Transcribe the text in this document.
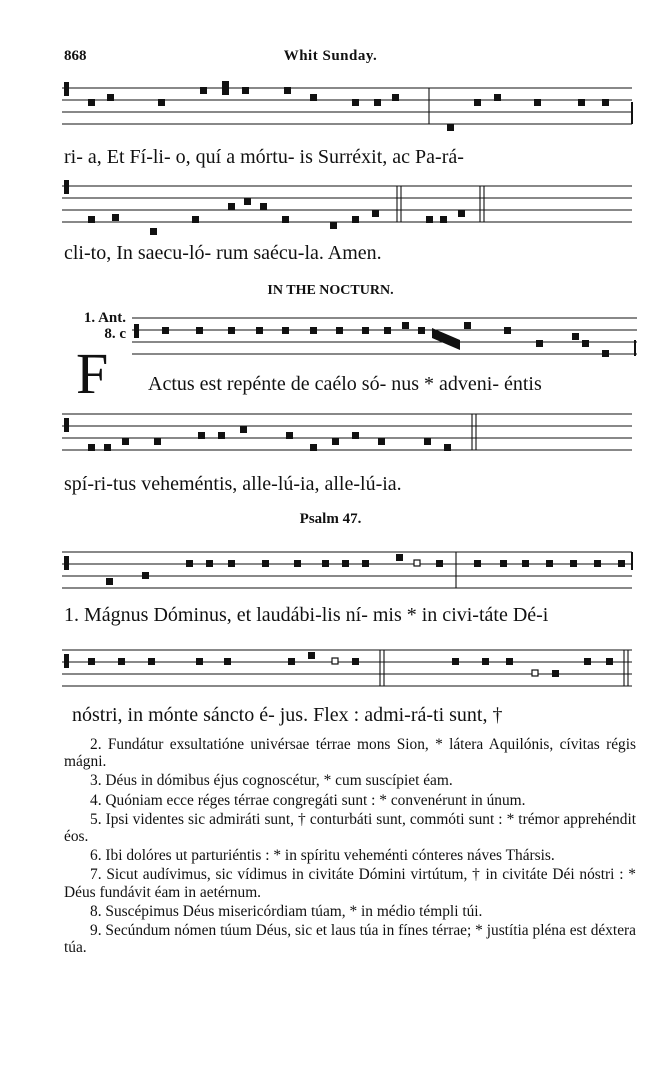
868	Whit Sunday.
ri- a, Et Fí-li- o, quí a mórtu- is Surréxit, ac Pa-rá-
cli-to, In saecu-ló- rum saécu-la. Amen.
IN THE NOCTURN.
1. Ant.
8. c
F Actus est repénte de caélo só- nus * adveni- éntis
spí-ri-tus veheméntis, alle-lú-ia, alle-lú-ia.
Psalm 47.
1. Mágnus Dóminus, et laudábi-lis ní- mis * in civi-táte Dé-i
nóstri, in mónte sáncto é- jus. Flex : admi-rá-ti sunt, †

2. Fundátur exsultatióne univérsae térrae mons Sion, * látera Aquilónis, cívitas régis mágni.

3. Déus in dómibus éjus cognoscétur, * cum suscípiet éam.

4. Quóniam ecce réges térrae congregáti sunt : * convenérunt in únum.

5. Ipsi videntes sic admiráti sunt, † conturbáti sunt, commóti sunt : * trémor apprehéndit éos.

6. Ibi dolóres ut parturiéntis : * in spíritu veheménti cónteres náves Thársis.

7. Sicut audívimus, sic vídimus in civitáte Dómini virtútum, † in civitáte Déi nóstri : * Déus fundávit éam in aetérnum.

8. Suscépimus Déus misericórdiam túam, * in médio témpli túi.

9. Secúndum nómen túum Déus, sic et laus túa in fínes térrae; * justítia pléna est déxtera túa.
